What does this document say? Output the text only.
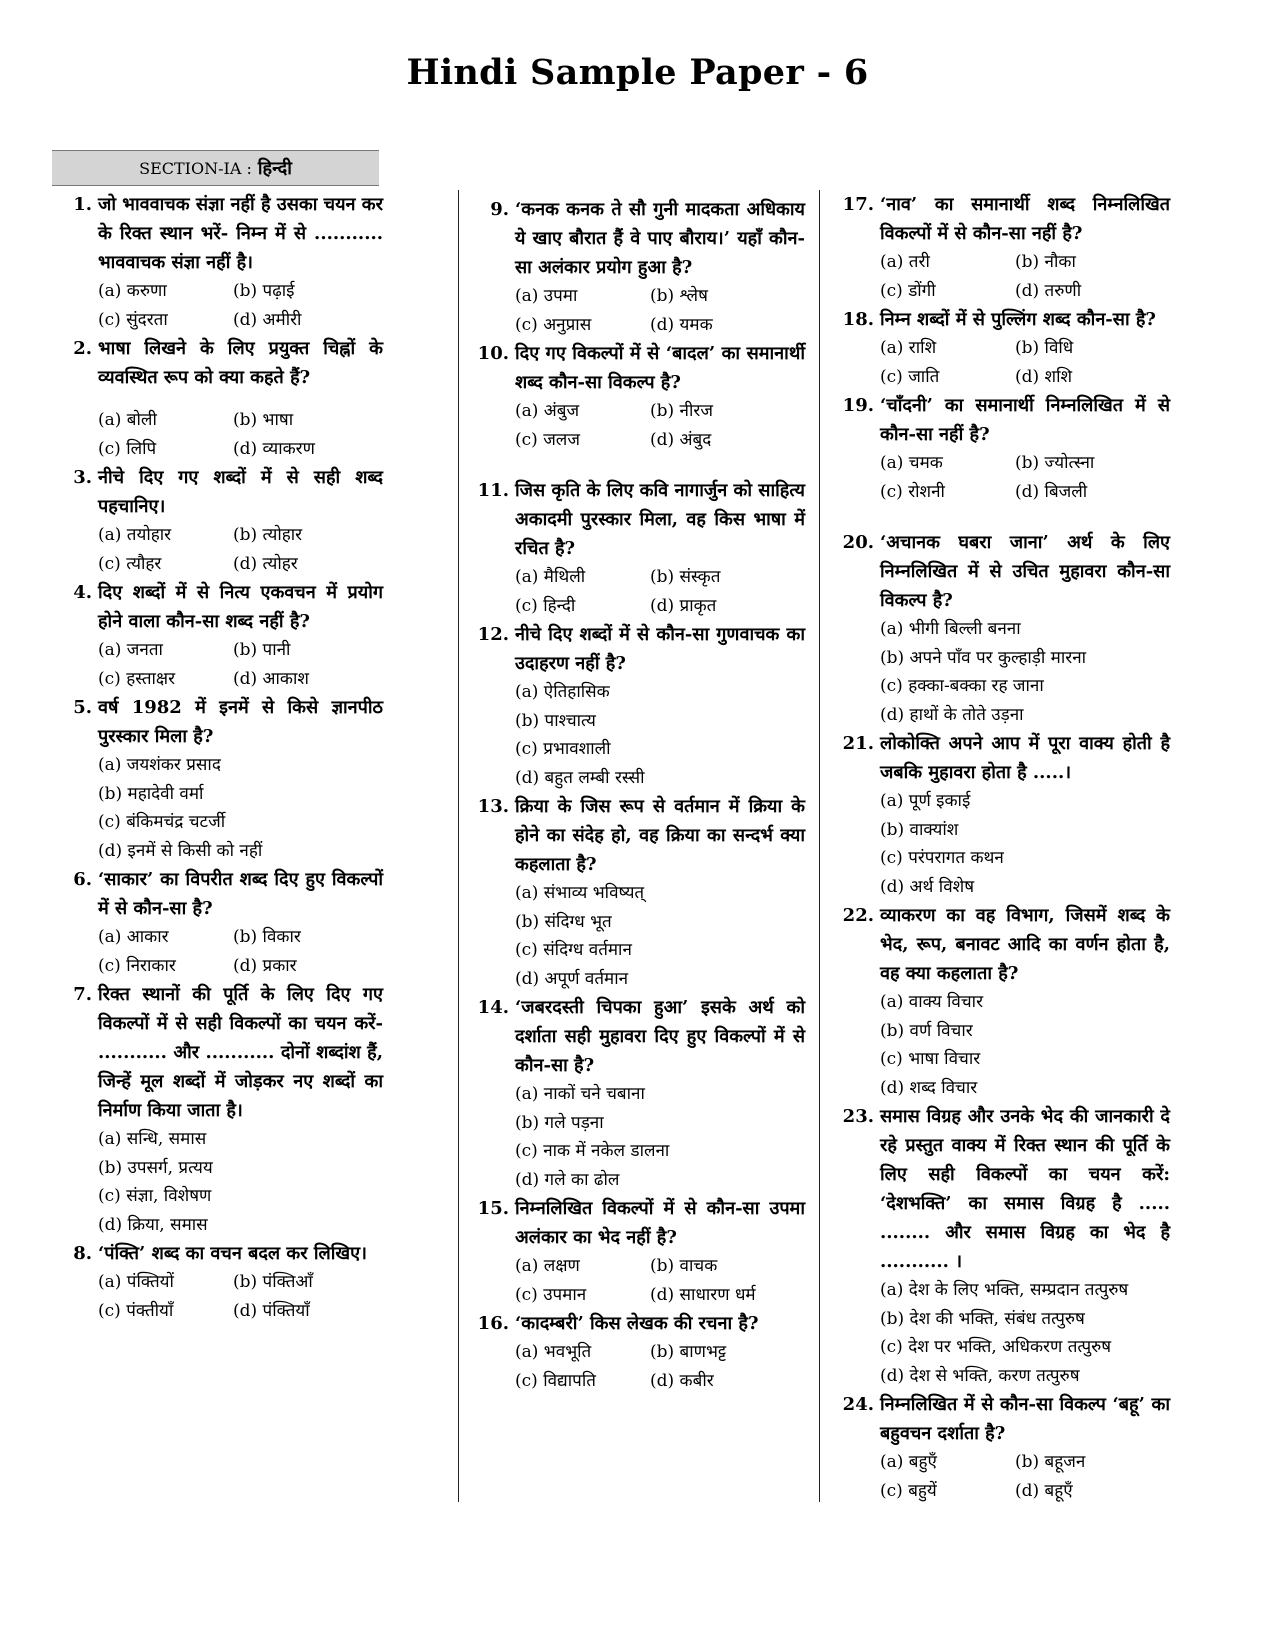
Hindi Sample Paper - 6
SECTION-IA : हिन्दी
1. जो भाववाचक संज्ञा नहीं है उसका चयन कर के रिक्त स्थान भरें- निम्न में से ........... भाववाचक संज्ञा नहीं है।
(a) करुणा	(b) पढ़ाई
(c) सुंदरता	(d) अमीरी
2. भाषा लिखने के लिए प्रयुक्त चिह्नों के व्यवस्थित रूप को क्या कहते हैं?
(a) बोली	(b) भाषा
(c) लिपि	(d) व्याकरण
3. नीचे दिए गए शब्दों में से सही शब्द पहचानिए।
(a) तयोहार	(b) त्योहार
(c) त्यौहर	(d) त्योहर
4. दिए शब्दों में से नित्य एकवचन में प्रयोग होने वाला कौन-सा शब्द नहीं है?
(a) जनता	(b) पानी
(c) हस्ताक्षर	(d) आकाश
5. वर्ष 1982 में इनमें से किसे ज्ञानपीठ पुरस्कार मिला है?
(a) जयशंकर प्रसाद
(b) महादेवी वर्मा
(c) बंकिमचंद्र चटर्जी
(d) इनमें से किसी को नहीं
6. ‘साकार’ का विपरीत शब्द दिए हुए विकल्पों में से कौन-सा है?
(a) आकार	(b) विकार
(c) निराकार	(d) प्रकार
7. रिक्त स्थानों की पूर्ति के लिए दिए गए विकल्पों में से सही विकल्पों का चयन करें- ........... और ........... दोनों शब्दांश हैं, जिन्हें मूल शब्दों में जोड़कर नए शब्दों का निर्माण किया जाता है।
(a) सन्धि, समास
(b) उपसर्ग, प्रत्यय
(c) संज्ञा, विशेषण
(d) क्रिया, समास
8. ‘पंक्ति’ शब्द का वचन बदल कर लिखिए।
(a) पंक्तियों	(b) पंक्तिआँ
(c) पंक्तीयाँ	(d) पंक्तियाँ
9. ‘कनक कनक ते सौ गुनी मादकता अधिकाय ये खाए बौरात हैं वे पाए बौराय।’ यहाँ कौन-सा अलंकार प्रयोग हुआ है?
(a) उपमा	(b) श्लेष
(c) अनुप्रास	(d) यमक
10. दिए गए विकल्पों में से ‘बादल’ का समानार्थी शब्द कौन-सा विकल्प है?
(a) अंबुज	(b) नीरज
(c) जलज	(d) अंबुद
11. जिस कृति के लिए कवि नागार्जुन को साहित्य अकादमी पुरस्कार मिला, वह किस भाषा में रचित है?
(a) मैथिली	(b) संस्कृत
(c) हिन्दी	(d) प्राकृत
12. नीचे दिए शब्दों में से कौन-सा गुणवाचक का उदाहरण नहीं है?
(a) ऐतिहासिक
(b) पाश्चात्य
(c) प्रभावशाली
(d) बहुत लम्बी रस्सी
13. क्रिया के जिस रूप से वर्तमान में क्रिया के होने का संदेह हो, वह क्रिया का सन्दर्भ क्या कहलाता है?
(a) संभाव्य भविष्यत्
(b) संदिग्ध भूत
(c) संदिग्ध वर्तमान
(d) अपूर्ण वर्तमान
14. ‘जबरदस्ती चिपका हुआ’ इसके अर्थ को दर्शाता सही मुहावरा दिए हुए विकल्पों में से कौन-सा है?
(a) नाकों चने चबाना
(b) गले पड़ना
(c) नाक में नकेल डालना
(d) गले का ढोल
15. निम्नलिखित विकल्पों में से कौन-सा उपमा अलंकार का भेद नहीं है?
(a) लक्षण	(b) वाचक
(c) उपमान	(d) साधारण धर्म
16. ‘कादम्बरी’ किस लेखक की रचना है?
(a) भवभूति	(b) बाणभट्ट
(c) विद्यापति	(d) कबीर
17. ‘नाव’ का समानार्थी शब्द निम्नलिखित विकल्पों में से कौन-सा नहीं है?
(a) तरी	(b) नौका
(c) डोंगी	(d) तरुणी
18. निम्न शब्दों में से पुल्लिंग शब्द कौन-सा है?
(a) राशि	(b) विधि
(c) जाति	(d) शशि
19. ‘चाँदनी’ का समानार्थी निम्नलिखित में से कौन-सा नहीं है?
(a) चमक	(b) ज्योत्स्ना
(c) रोशनी	(d) बिजली
20. ‘अचानक घबरा जाना’ अर्थ के लिए निम्नलिखित में से उचित मुहावरा कौन-सा विकल्प है?
(a) भीगी बिल्ली बनना
(b) अपने पाँव पर कुल्हाड़ी मारना
(c) हक्का-बक्का रह जाना
(d) हाथों के तोते उड़ना
21. लोकोक्ति अपने आप में पूरा वाक्य होती है जबकि मुहावरा होता है .....।
(a) पूर्ण इकाई
(b) वाक्यांश
(c) परंपरागत कथन
(d) अर्थ विशेष
22. व्याकरण का वह विभाग, जिसमें शब्द के भेद, रूप, बनावट आदि का वर्णन होता है, वह क्या कहलाता है?
(a) वाक्य विचार
(b) वर्ण विचार
(c) भाषा विचार
(d) शब्द विचार
23. समास विग्रह और उनके भेद की जानकारी दे रहे प्रस्तुत वाक्य में रिक्त स्थान की पूर्ति के लिए सही विकल्पों का चयन करें: ‘देशभक्ति’ का समास विग्रह है ..... ........ और समास विग्रह का भेद है ........... ।
(a) देश के लिए भक्ति, सम्प्रदान तत्पुरुष
(b) देश की भक्ति, संबंध तत्पुरुष
(c) देश पर भक्ति, अधिकरण तत्पुरुष
(d) देश से भक्ति, करण तत्पुरुष
24. निम्नलिखित में से कौन-सा विकल्प ‘बहू’ का बहुवचन दर्शाता है?
(a) बहुएँ	(b) बहूजन
(c) बहुयें	(d) बहूएँ
